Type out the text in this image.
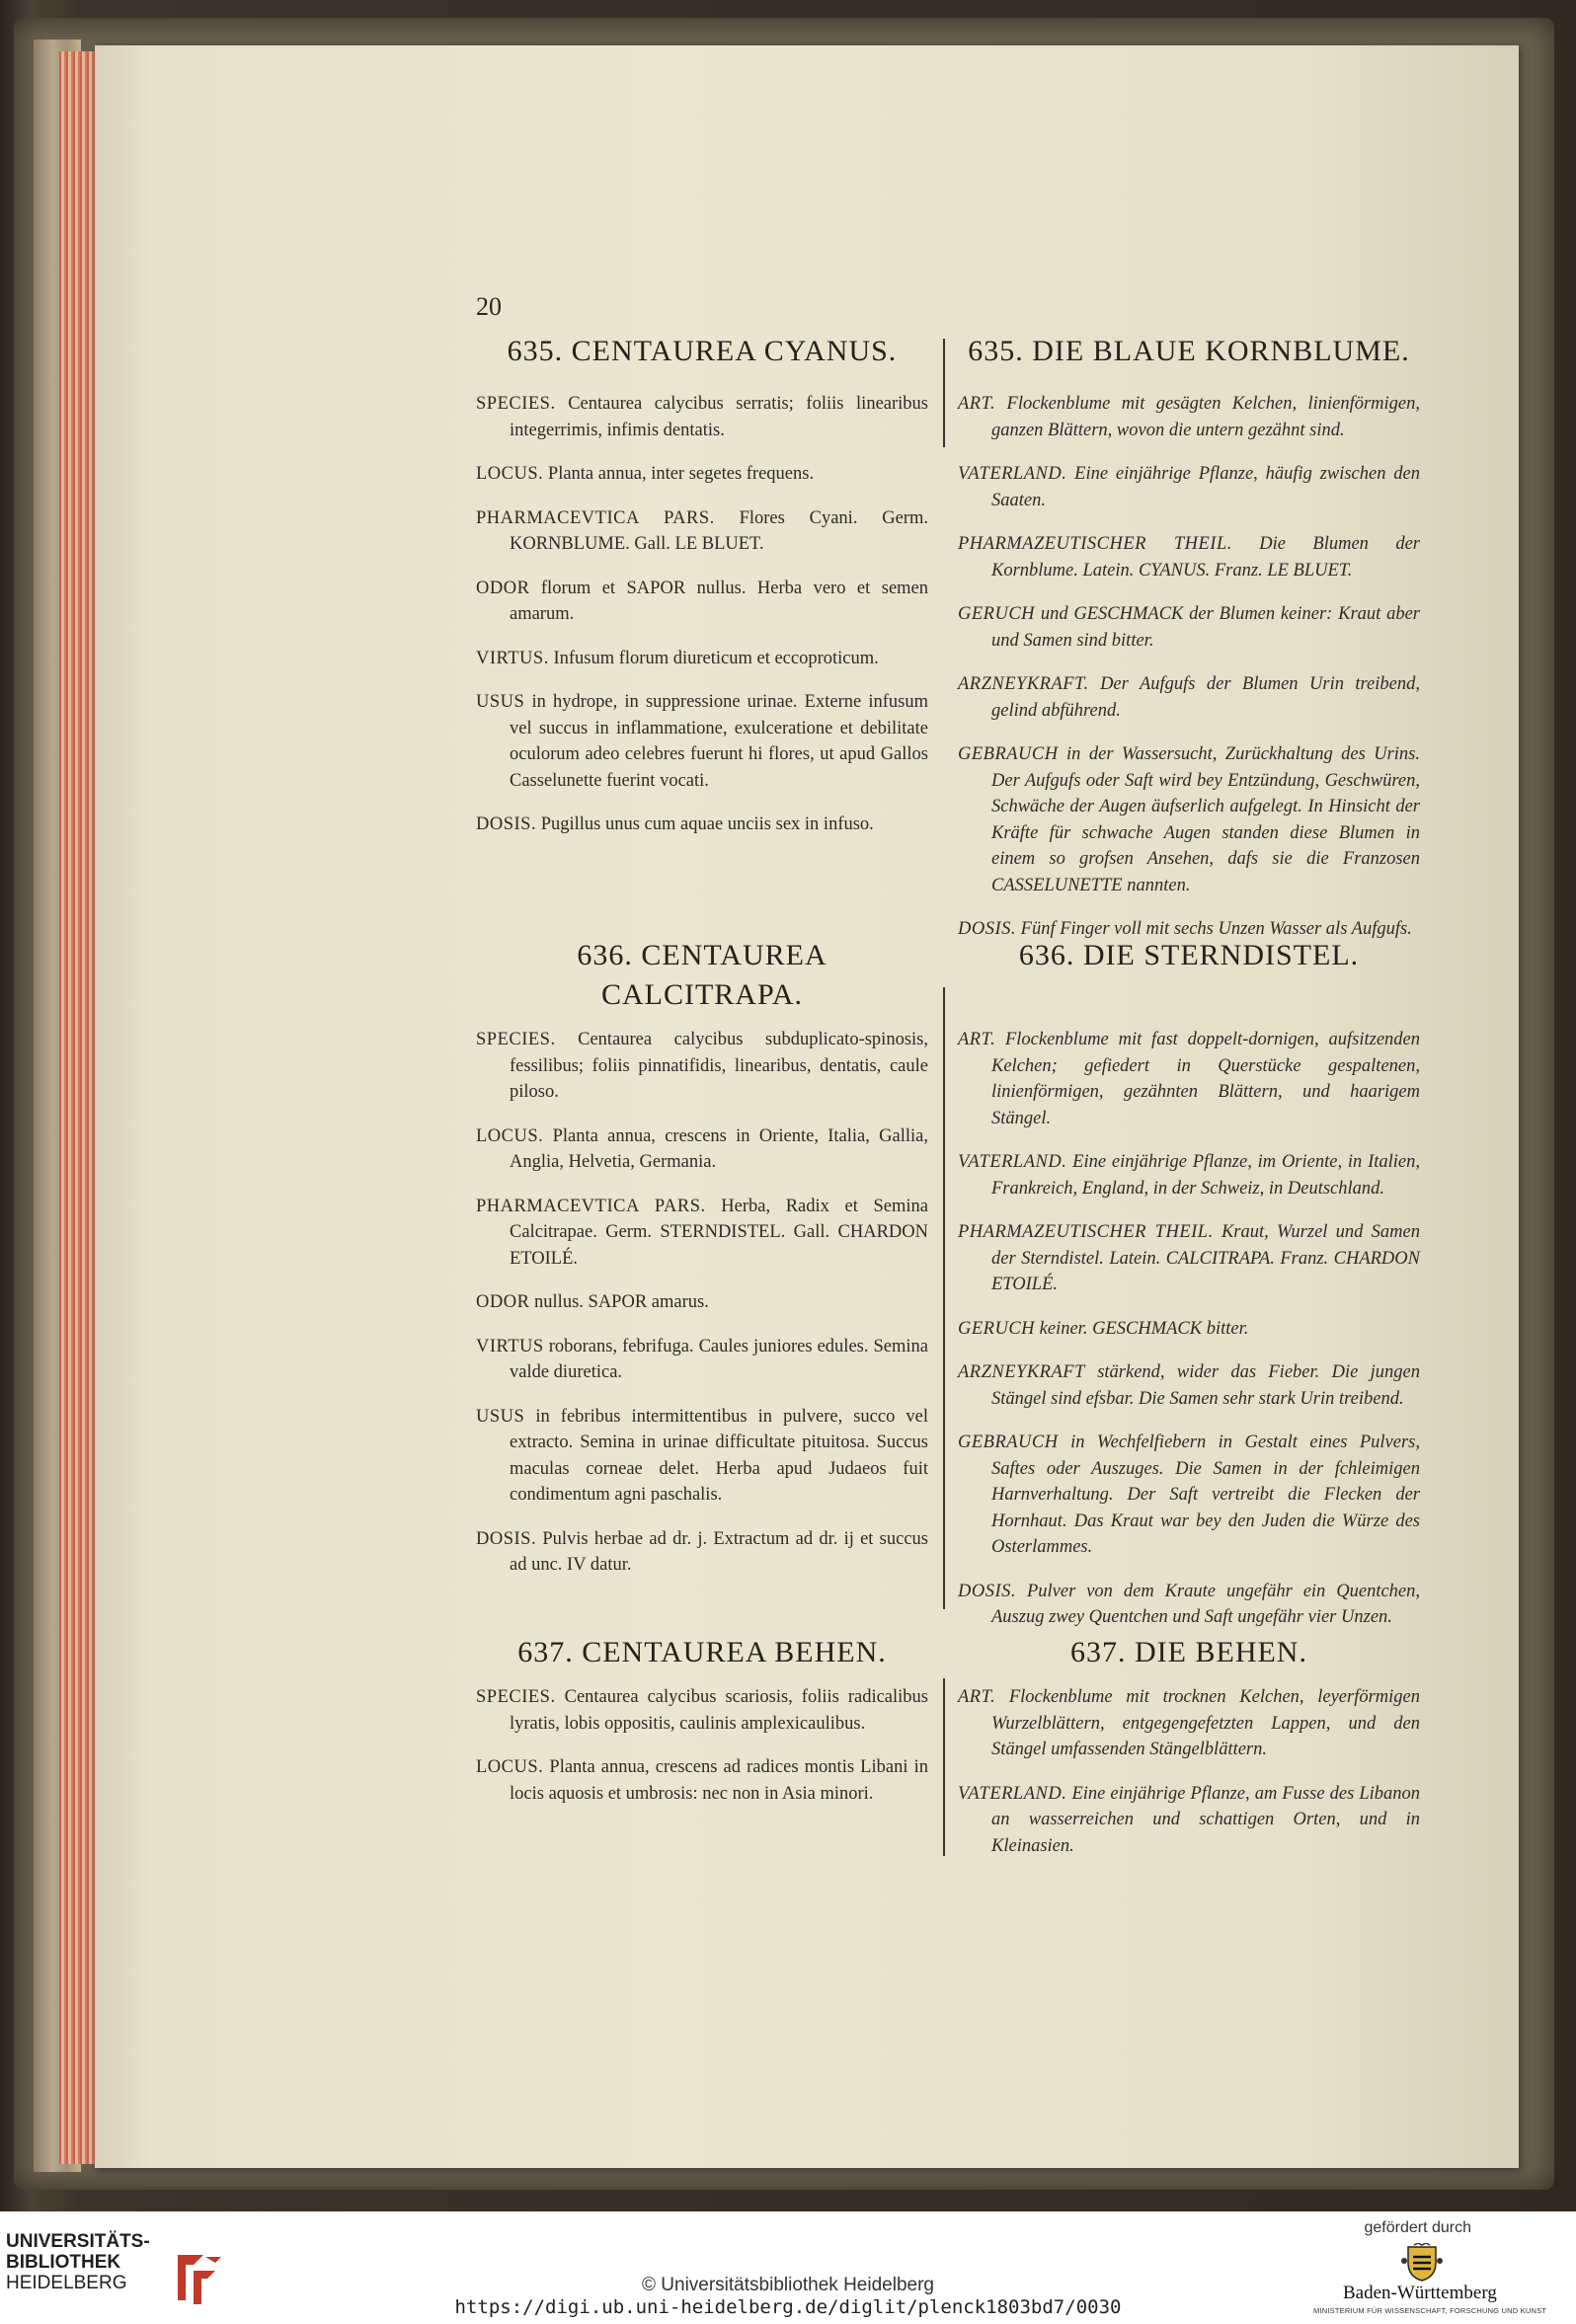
20
635. CENTAUREA CYANUS.

SPECIES. Centaurea calycibus serratis; foliis linearibus integerrimis, infimis dentatis.

LOCUS. Planta annua, inter segetes frequens.

PHARMACEVTICA PARS. Flores Cyani. Germ. KORNBLUME. Gall. LE BLUET.

ODOR florum et SAPOR nullus. Herba vero et semen amarum.

VIRTUS. Infusum florum diureticum et eccoproticum.

USUS in hydrope, in suppressione urinae. Externe infusum vel succus in inflammatione, exulceratione et debilitate oculorum adeo celebres fuerunt hi flores, ut apud Gallos Casselunette fuerint vocati.

DOSIS. Pugillus unus cum aquae unciis sex in infuso.

636. CENTAUREA CALCITRAPA.

SPECIES. Centaurea calycibus subduplicato-spinosis, fessilibus; foliis pinnatifidis, linearibus, dentatis, caule piloso.

LOCUS. Planta annua, crescens in Oriente, Italia, Gallia, Anglia, Helvetia, Germania.

PHARMACEVTICA PARS. Herba, Radix et Semina Calcitrapae. Germ. STERNDISTEL. Gall. CHARDON ETOILÉ.

ODOR nullus. SAPOR amarus.

VIRTUS roborans, febrifuga. Caules juniores edules. Semina valde diuretica.

USUS in febribus intermittentibus in pulvere, succo vel extracto. Semina in urinae difficultate pituitosa. Succus maculas corneae delet. Herba apud Judaeos fuit condimentum agni paschalis.

DOSIS. Pulvis herbae ad dr. j. Extractum ad dr. ij et succus ad unc. IV datur.

637. CENTAUREA BEHEN.

SPECIES. Centaurea calycibus scariosis, foliis radicalibus lyratis, lobis oppositis, caulinis amplexicaulibus.

LOCUS. Planta annua, crescens ad radices montis Libani in locis aquosis et umbrosis: nec non in Asia minori.

635. DIE BLAUE KORNBLUME.

ART. Flockenblume mit gesägten Kelchen, linienförmigen, ganzen Blättern, wovon die untern gezähnt sind.

VATERLAND. Eine einjährige Pflanze, häufig zwischen den Saaten.

PHARMAZEUTISCHER THEIL. Die Blumen der Kornblume. Latein. CYANUS. Franz. LE BLUET.

GERUCH und GESCHMACK der Blumen keiner: Kraut aber und Samen sind bitter.

ARZNEYKRAFT. Der Aufgufs der Blumen Urin treibend, gelind abführend.

GEBRAUCH in der Wassersucht, Zurückhaltung des Urins. Der Aufgufs oder Saft wird bey Entzündung, Geschwüren, Schwäche der Augen äufserlich aufgelegt. In Hinsicht der Kräfte für schwache Augen standen diese Blumen in einem so grofsen Ansehen, dafs sie die Franzosen CASSELUNETTE nannten.

DOSIS. Fünf Finger voll mit sechs Unzen Wasser als Aufgufs.

636. DIE STERNDISTEL.

ART. Flockenblume mit fast doppelt-dornigen, aufsitzenden Kelchen; gefiedert in Querstücke gespaltenen, linienförmigen, gezähnten Blättern, und haarigem Stängel.

VATERLAND. Eine einjährige Pflanze, im Oriente, in Italien, Frankreich, England, in der Schweiz, in Deutschland.

PHARMAZEUTISCHER THEIL. Kraut, Wurzel und Samen der Sterndistel. Latein. CALCITRAPA. Franz. CHARDON ETOILÉ.

GERUCH keiner. GESCHMACK bitter.

ARZNEYKRAFT stärkend, wider das Fieber. Die jungen Stängel sind efsbar. Die Samen sehr stark Urin treibend.

GEBRAUCH in Wechfelfiebern in Gestalt eines Pulvers, Saftes oder Auszuges. Die Samen in der fchleimigen Harnverhaltung. Der Saft vertreibt die Flecken der Hornhaut. Das Kraut war bey den Juden die Würze des Osterlammes.

DOSIS. Pulver von dem Kraute ungefähr ein Quentchen, Auszug zwey Quentchen und Saft ungefähr vier Unzen.

637. DIE BEHEN.

ART. Flockenblume mit trocknen Kelchen, leyerförmigen Wurzelblättern, entgegengefetzten Lappen, und den Stängel umfassenden Stängelblättern.

VATERLAND. Eine einjährige Pflanze, am Fusse des Libanon an wasserreichen und schattigen Orten, und in Kleinasien.

UNIVERSITÄTS-
BIBLIOTHEK
HEIDELBERG	© Universitätsbibliothek Heidelberg
https://digi.ub.uni-heidelberg.de/diglit/plenck1803bd7/0030
gefördert durch
Baden-Württemberg
MINISTERIUM FÜR WISSENSCHAFT, FORSCHUNG UND KUNST
